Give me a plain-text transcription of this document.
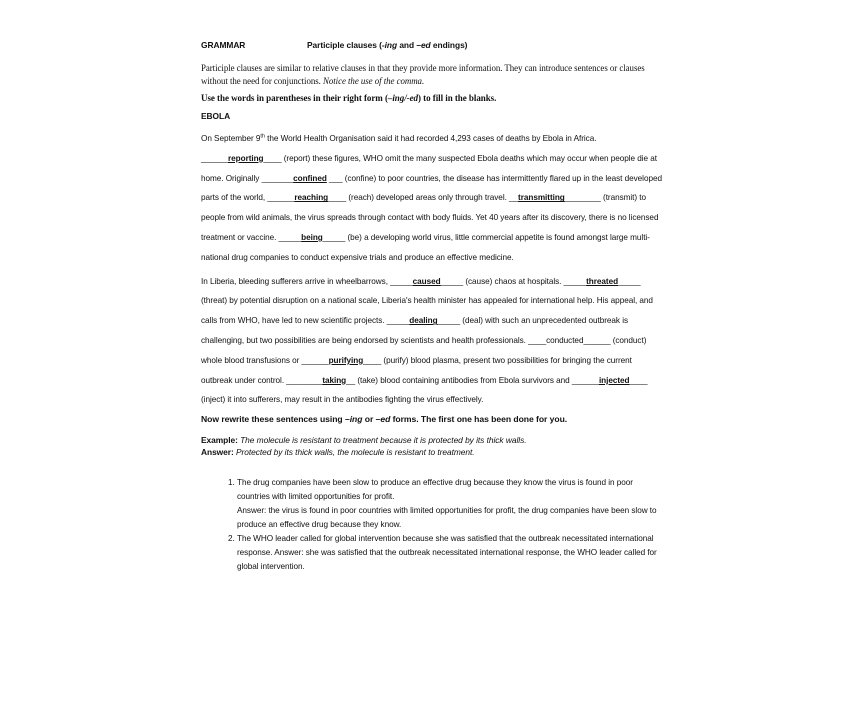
GRAMMAR	Participle clauses (-ing and –ed endings)
Participle clauses are similar to relative clauses in that they provide more information. They can introduce sentences or clauses without the need for conjunctions. Notice the use of the comma.
Use the words in parentheses in their right form (–ing/-ed) to fill in the blanks.
EBOLA
On September 9th the World Health Organisation said it had recorded 4,293 cases of deaths by Ebola in Africa. ______reporting____ (report) these figures, WHO omit the many suspected Ebola deaths which may occur when people die at home. Originally _______confined ___ (confine) to poor countries, the disease has intermittently flared up in the least developed parts of the world, ______reaching____ (reach) developed areas only through travel. __transmitting________ (transmit) to people from wild animals, the virus spreads through contact with body fluids. Yet 40 years after its discovery, there is no licensed treatment or vaccine. _____being_____ (be) a developing world virus, little commercial appetite is found amongst large multi-national drug companies to conduct expensive trials and produce an effective medicine.
In Liberia, bleeding sufferers arrive in wheelbarrows, _____caused_____ (cause) chaos at hospitals. _____threated_____ (threat) by potential disruption on a national scale, Liberia's health minister has appealed for international help. His appeal, and calls from WHO, have led to new scientific projects. _____dealing_____ (deal) with such an unprecedented outbreak is challenging, but two possibilities are being endorsed by scientists and health professionals. ____conducted______ (conduct) whole blood transfusions or ______purifying____ (purify) blood plasma, present two possibilities for bringing the current outbreak under control. ________taking__ (take) blood containing antibodies from Ebola survivors and ______injected____ (inject) it into sufferers, may result in the antibodies fighting the virus effectively.
Now rewrite these sentences using –ing or –ed forms. The first one has been done for you.
Example: The molecule is resistant to treatment because it is protected by its thick walls.
Answer: Protected by its thick walls, the molecule is resistant to treatment.
1. The drug companies have been slow to produce an effective drug because they know the virus is found in poor countries with limited opportunities for profit.
Answer: the virus is found in poor countries with limited opportunities for profit, the drug companies have been slow to produce an effective drug because they know.
2. The WHO leader called for global intervention because she was satisfied that the outbreak necessitated international response. Answer: she was satisfied that the outbreak necessitated international response, the WHO leader called for global intervention.
